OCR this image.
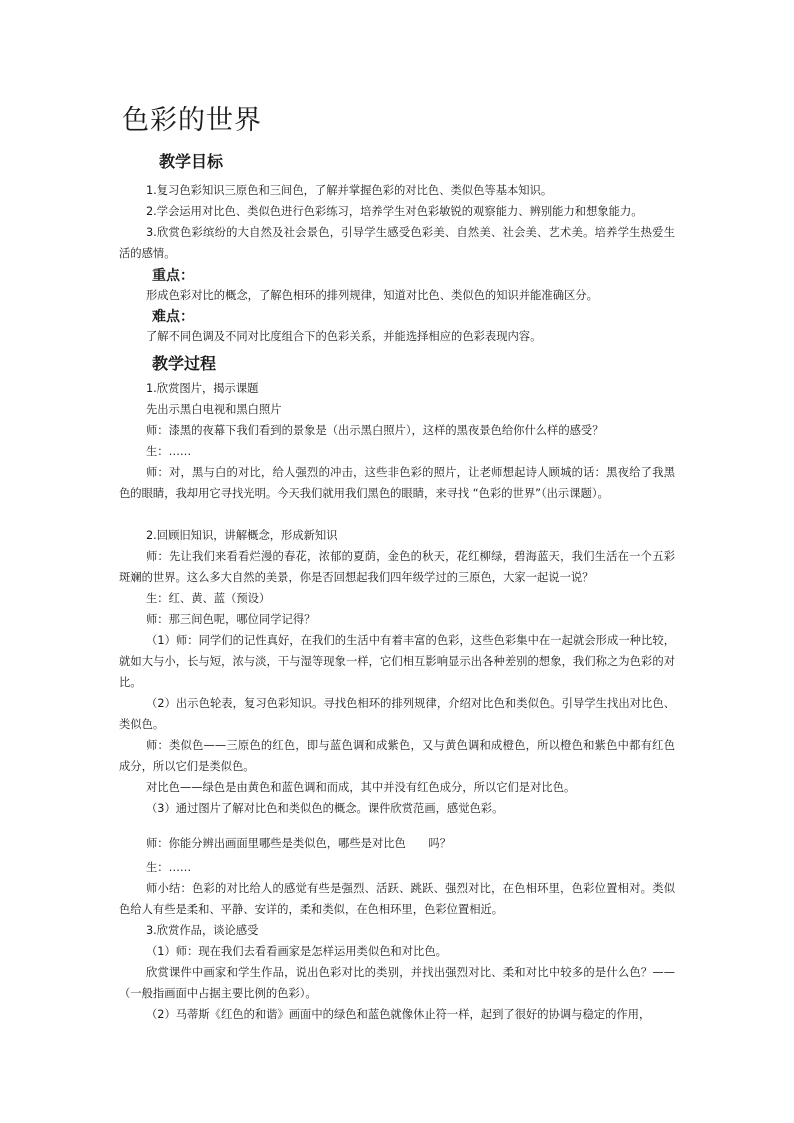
色彩的世界
教学目标

1.复习色彩知识三原色和三间色，了解并掌握色彩的对比色、类似色等基本知识。

2.学会运用对比色、类似色进行色彩练习，培养学生对色彩敏锐的观察能力、辨别能力和想象能力。

3.欣赏色彩缤纷的大自然及社会景色，引导学生感受色彩美、自然美、社会美、艺术美。培养学生热爱生活的感情。

重点：

形成色彩对比的概念，了解色相环的排列规律，知道对比色、类似色的知识并能准确区分。

难点：

了解不同色调及不同对比度组合下的色彩关系，并能选择相应的色彩表现内容。

教学过程

1.欣赏图片，揭示课题

先出示黑白电视和黑白照片

师：漆黑的夜幕下我们看到的景象是（出示黑白照片），这样的黑夜景色给你什么样的感受？

生：……

师：对，黑与白的对比，给人强烈的冲击，这些非色彩的照片，让老师想起诗人顾城的话：黑夜给了我黑色的眼睛，我却用它寻找光明。今天我们就用我们黑色的眼睛，来寻找 “色彩的世界”（出示课题）。

2.回顾旧知识，讲解概念，形成新知识

师：先让我们来看看烂漫的春花，浓郁的夏荫，金色的秋天，花红柳绿，碧海蓝天，我们生活在一个五彩斑斓的世界。这么多大自然的美景，你是否回想起我们四年级学过的三原色，大家一起说一说？

生：红、黄、蓝（预设）

师：那三间色呢，哪位同学记得？

（1）师：同学们的记性真好，在我们的生活中有着丰富的色彩，这些色彩集中在一起就会形成一种比较，就如大与小，长与短，浓与淡，干与湿等现象一样，它们相互影响显示出各种差别的想象，我们称之为色彩的对比。

（2）出示色轮表，复习色彩知识。寻找色相环的排列规律，介绍对比色和类似色。引导学生找出对比色、类似色。

师：类似色——三原色的红色，即与蓝色调和成紫色，又与黄色调和成橙色，所以橙色和紫色中都有红色成分，所以它们是类似色。

对比色——绿色是由黄色和蓝色调和而成，其中并没有红色成分，所以它们是对比色。

（3）通过图片了解对比色和类似色的概念。课件欣赏范画，感觉色彩。

师：你能分辨出画面里哪些是类似色，哪些是对比色　　吗？

生：……

师小结：色彩的对比给人的感觉有些是强烈、活跃、跳跃、强烈对比，在色相环里，色彩位置相对。类似色给人有些是柔和、平静、安详的，柔和类似，在色相环里，色彩位置相近。

3.欣赏作品，谈论感受

（1）师：现在我们去看看画家是怎样运用类似色和对比色。

欣赏课件中画家和学生作品，说出色彩对比的类别，并找出强烈对比、柔和对比中较多的是什么色？——（一般指画面中占据主要比例的色彩）。

（2）马蒂斯《红色的和谐》画面中的绿色和蓝色就像休止符一样，起到了很好的协调与稳定的作用，
